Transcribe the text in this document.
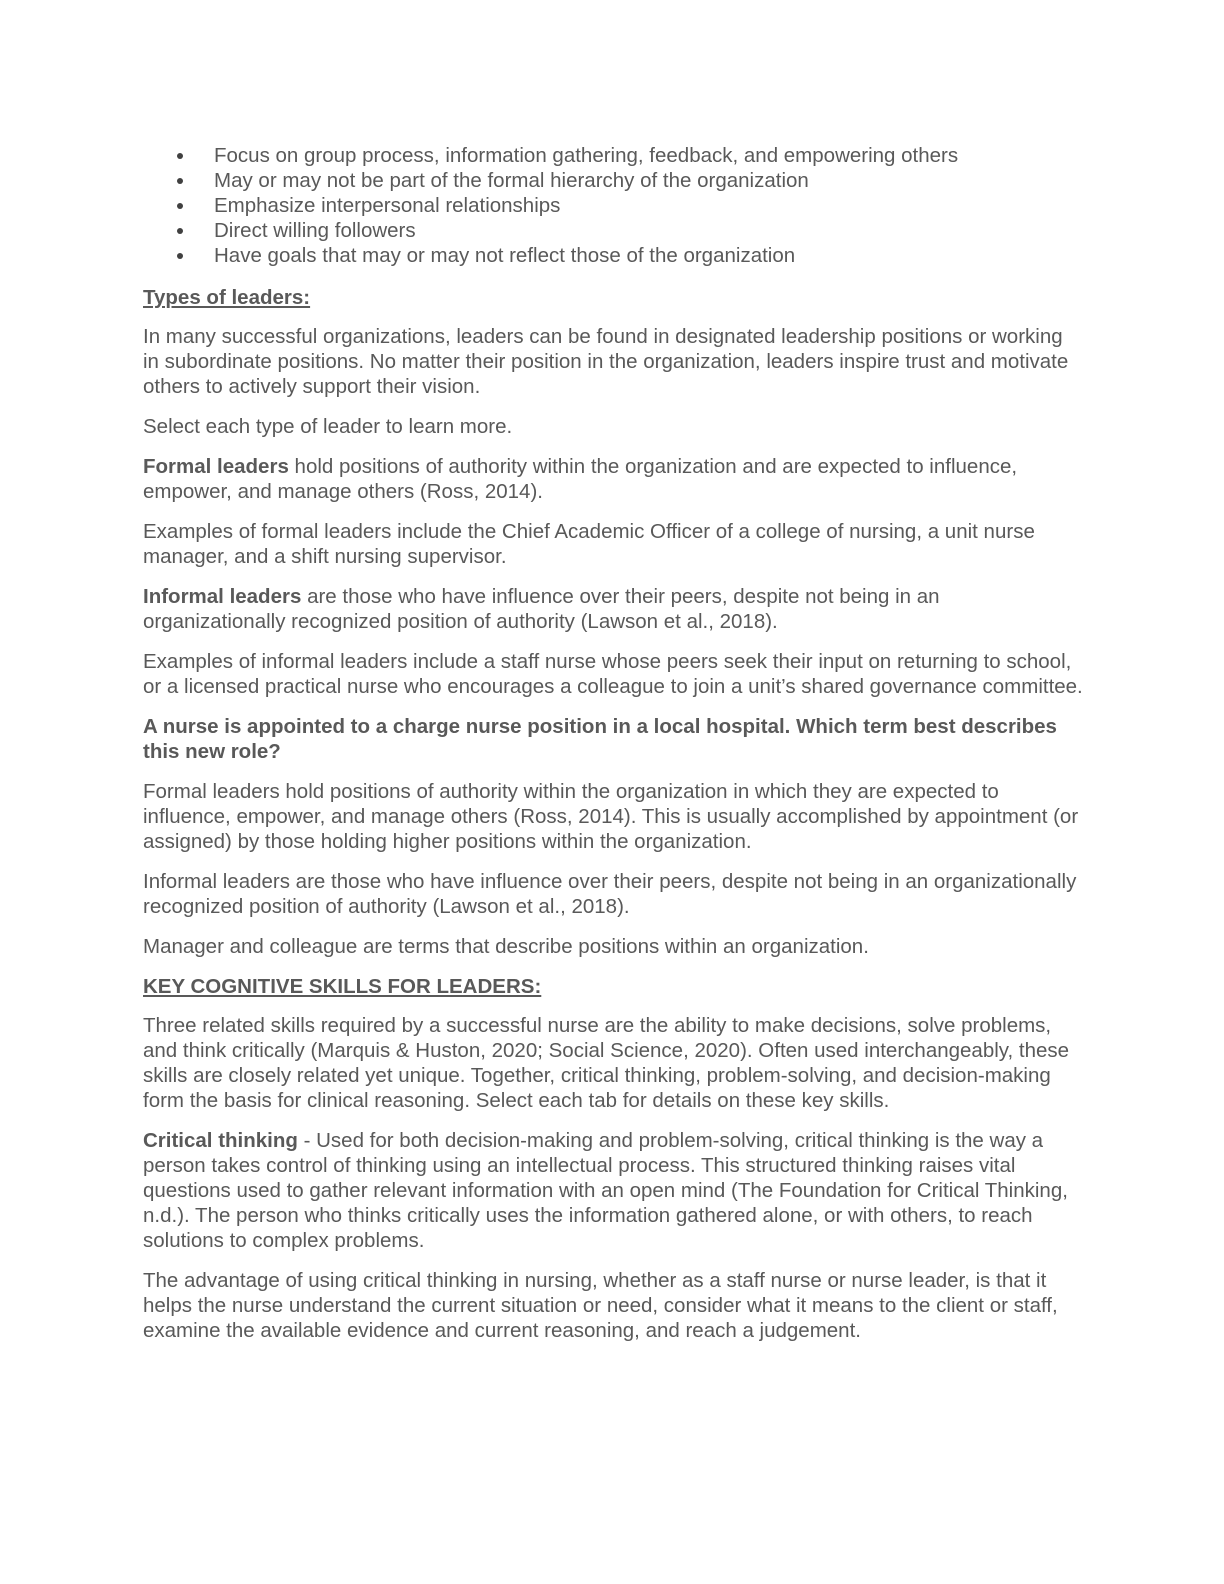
Focus on group process, information gathering, feedback, and empowering others
May or may not be part of the formal hierarchy of the organization
Emphasize interpersonal relationships
Direct willing followers
Have goals that may or may not reflect those of the organization
Types of leaders:

In many successful organizations, leaders can be found in designated leadership positions or working in subordinate positions. No matter their position in the organization, leaders inspire trust and motivate others to actively support their vision.

Select each type of leader to learn more.

Formal leaders hold positions of authority within the organization and are expected to influence, empower, and manage others (Ross, 2014).

Examples of formal leaders include the Chief Academic Officer of a college of nursing, a unit nurse manager, and a shift nursing supervisor.

Informal leaders are those who have influence over their peers, despite not being in an organizationally recognized position of authority (Lawson et al., 2018).

Examples of informal leaders include a staff nurse whose peers seek their input on returning to school, or a licensed practical nurse who encourages a colleague to join a unit’s shared governance committee.

A nurse is appointed to a charge nurse position in a local hospital. Which term best describes this new role?

Formal leaders hold positions of authority within the organization in which they are expected to influence, empower, and manage others (Ross, 2014). This is usually accomplished by appointment (or assigned) by those holding higher positions within the organization.

Informal leaders are those who have influence over their peers, despite not being in an organizationally recognized position of authority (Lawson et al., 2018).

Manager and colleague are terms that describe positions within an organization.

KEY COGNITIVE SKILLS FOR LEADERS:

Three related skills required by a successful nurse are the ability to make decisions, solve problems, and think critically (Marquis & Huston, 2020; Social Science, 2020). Often used interchangeably, these skills are closely related yet unique. Together, critical thinking, problem-solving, and decision-making form the basis for clinical reasoning. Select each tab for details on these key skills.

Critical thinking - Used for both decision-making and problem-solving, critical thinking is the way a person takes control of thinking using an intellectual process. This structured thinking raises vital questions used to gather relevant information with an open mind (The Foundation for Critical Thinking, n.d.). The person who thinks critically uses the information gathered alone, or with others, to reach solutions to complex problems.

The advantage of using critical thinking in nursing, whether as a staff nurse or nurse leader, is that it helps the nurse understand the current situation or need, consider what it means to the client or staff, examine the available evidence and current reasoning, and reach a judgement.
